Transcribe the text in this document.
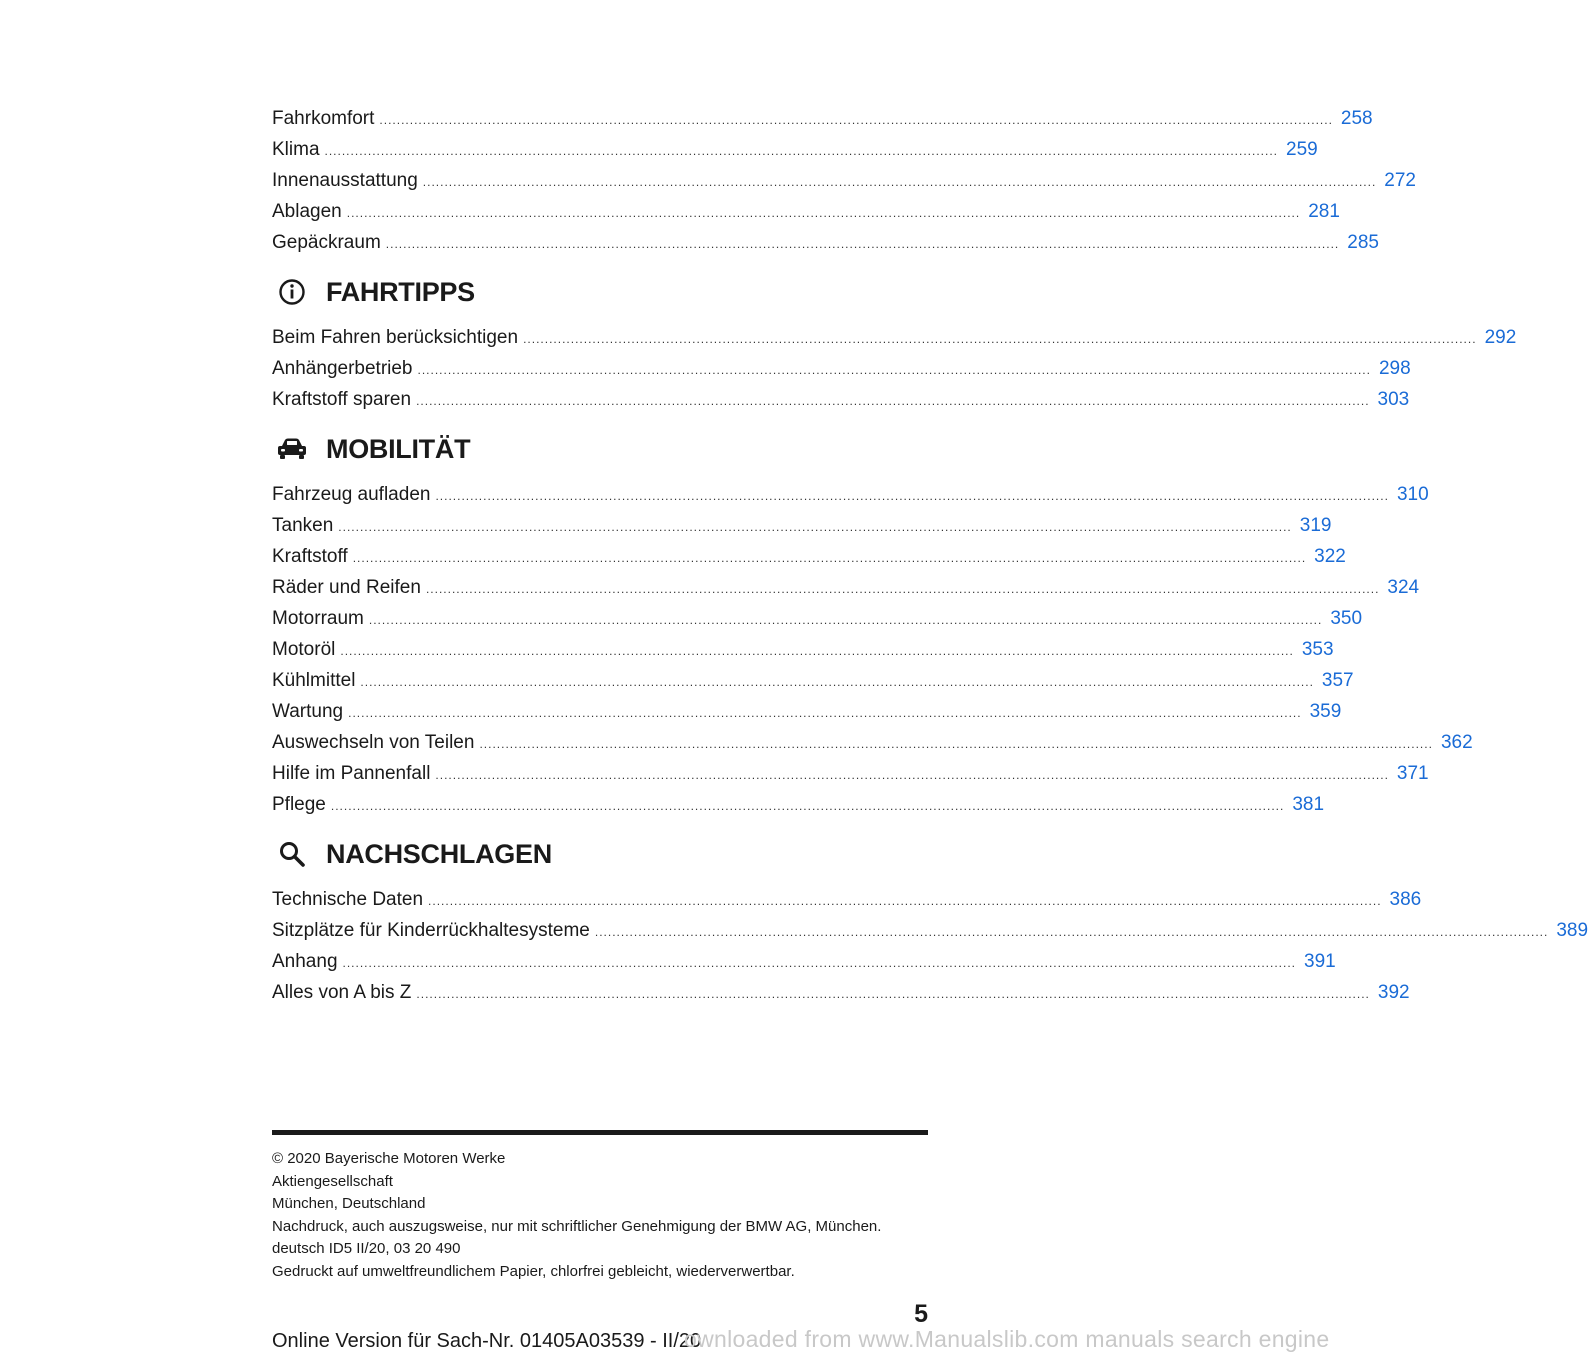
Fahrkomfort ............................................................................................................................................................................................................................ 258
Klima ............................................................................................................................................................................................................................ 259
Innenausstattung ............................................................................................................................................................................................................................ 272
Ablagen ............................................................................................................................................................................................................................ 281
Gepäckraum ............................................................................................................................................................................................................................ 285
FAHRTIPPS
Beim Fahren berücksichtigen ............................................................................................................................................................................................................................ 292
Anhängerbetrieb ............................................................................................................................................................................................................................ 298
Kraftstoff sparen ............................................................................................................................................................................................................................ 303
MOBILITÄT
Fahrzeug aufladen ............................................................................................................................................................................................................................ 310
Tanken ............................................................................................................................................................................................................................ 319
Kraftstoff ............................................................................................................................................................................................................................ 322
Räder und Reifen ............................................................................................................................................................................................................................ 324
Motorraum ............................................................................................................................................................................................................................ 350
Motoröl ............................................................................................................................................................................................................................ 353
Kühlmittel ............................................................................................................................................................................................................................ 357
Wartung ............................................................................................................................................................................................................................ 359
Auswechseln von Teilen ............................................................................................................................................................................................................................ 362
Hilfe im Pannenfall ............................................................................................................................................................................................................................ 371
Pflege ............................................................................................................................................................................................................................ 381
NACHSCHLAGEN
Technische Daten ............................................................................................................................................................................................................................ 386
Sitzplätze für Kinderrückhaltesysteme ............................................................................................................................................................................................................................ 389
Anhang ............................................................................................................................................................................................................................ 391
Alles von A bis Z ............................................................................................................................................................................................................................ 392
© 2020 Bayerische Motoren Werke
Aktiengesellschaft
München, Deutschland
Nachdruck, auch auszugsweise, nur mit schriftlicher Genehmigung der BMW AG, München.
deutsch ID5 II/20, 03 20 490
Gedruckt auf umweltfreundlichem Papier, chlorfrei gebleicht, wiederverwertbar.
5
Online Version für Sach-Nr. 01405A03539 - II/20
ownloaded from www.Manualslib.com manuals search engine
